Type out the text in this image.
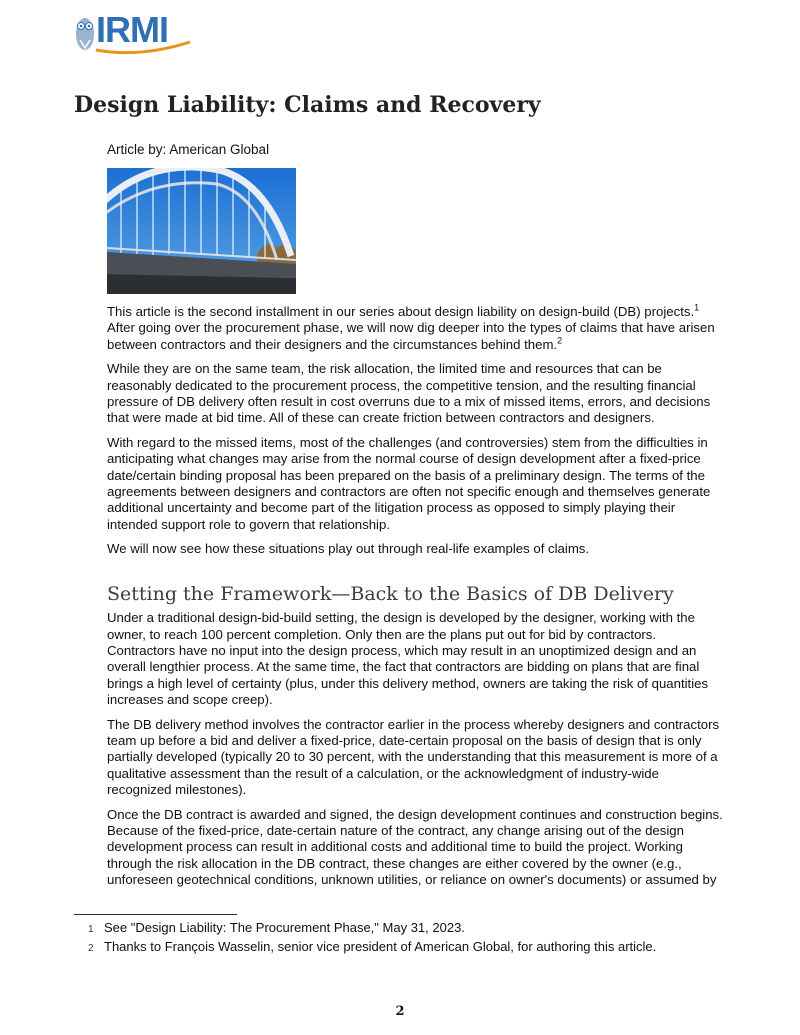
IRMI
Design Liability: Claims and Recovery

Article by: American Global

This article is the second installment in our series about design liability on design-build (DB) projects.$^1$ After going over the procurement phase, we will now dig deeper into the types of claims that have arisen between contractors and their designers and the circumstances behind them.$^2$

While they are on the same team, the risk allocation, the limited time and resources that can be reasonably dedicated to the procurement process, the competitive tension, and the resulting financial pressure of DB delivery often result in cost overruns due to a mix of missed items, errors, and decisions that were made at bid time. All of these can create friction between contractors and designers.

With regard to the missed items, most of the challenges (and controversies) stem from the difficulties in anticipating what changes may arise from the normal course of design development after a fixed-price date/certain binding proposal has been prepared on the basis of a preliminary design. The terms of the agreements between designers and contractors are often not specific enough and themselves generate additional uncertainty and become part of the litigation process as opposed to simply playing their intended support role to govern that relationship.

We will now see how these situations play out through real-life examples of claims.

Setting the Framework—Back to the Basics of DB Delivery

Under a traditional design-bid-build setting, the design is developed by the designer, working with the owner, to reach 100 percent completion. Only then are the plans put out for bid by contractors. Contractors have no input into the design process, which may result in an unoptimized design and an overall lengthier process. At the same time, the fact that contractors are bidding on plans that are final brings a high level of certainty (plus, under this delivery method, owners are taking the risk of quantities increases and scope creep).

The DB delivery method involves the contractor earlier in the process whereby designers and contractors team up before a bid and deliver a fixed-price, date-certain proposal on the basis of design that is only partially developed (typically 20 to 30 percent, with the understanding that this measurement is more of a qualitative assessment than the result of a calculation, or the acknowledgment of industry-wide recognized milestones).

Once the DB contract is awarded and signed, the design development continues and construction begins. Because of the fixed-price, date-certain nature of the contract, any change arising out of the design development process can result in additional costs and additional time to build the project. Working through the risk allocation in the DB contract, these changes are either covered by the owner (e.g., unforeseen geotechnical conditions, unknown utilities, or reliance on owner's documents) or assumed by

1 See "Design Liability: The Procurement Phase," May 31, 2023.
2 Thanks to François Wasselin, senior vice president of American Global, for authoring this article.
2
